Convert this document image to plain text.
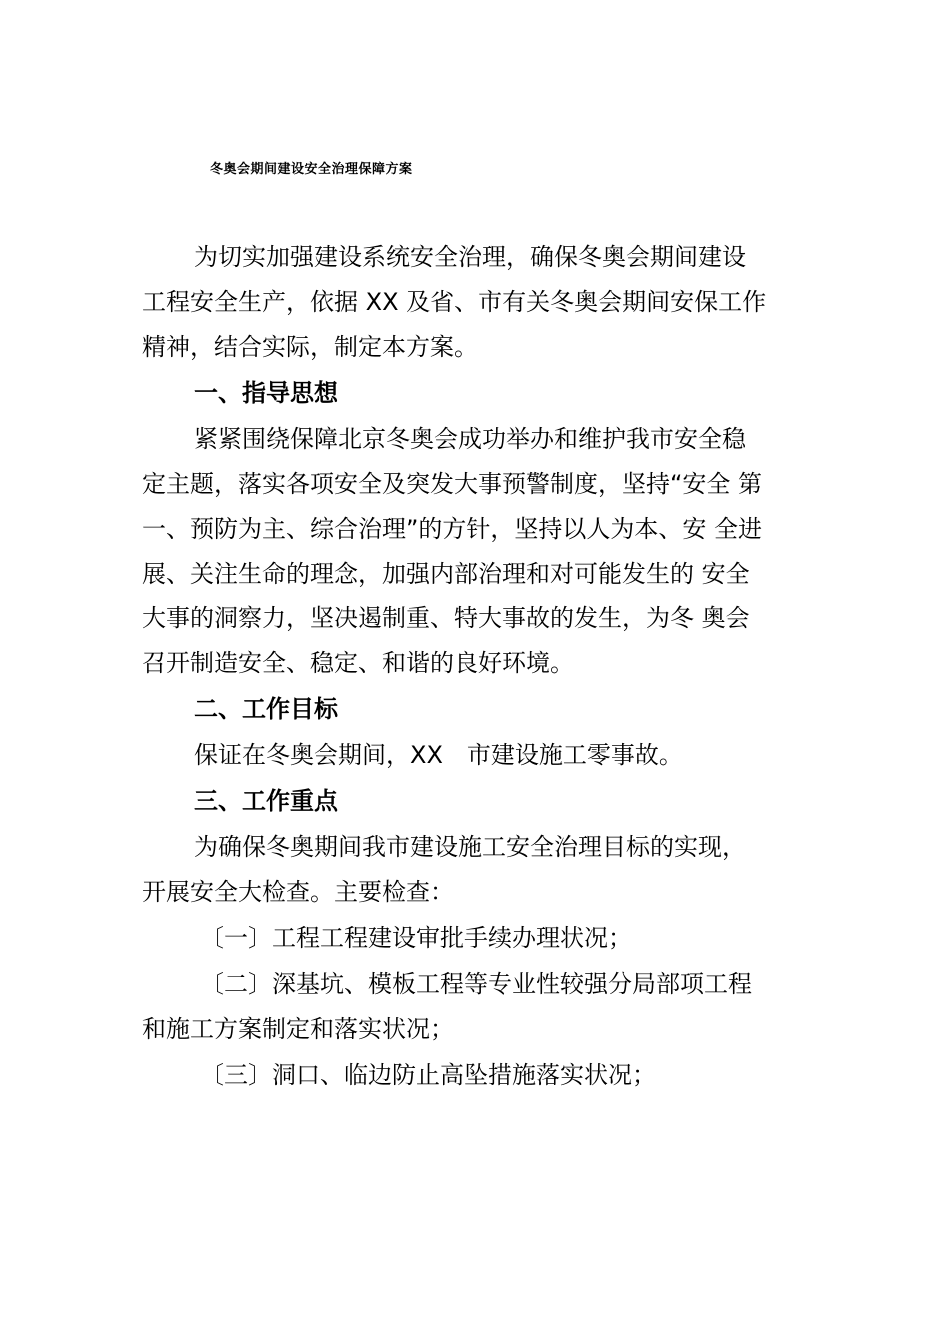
冬奥会期间建设安全治理保障方案
为切实加强建设系统安全治理，确保冬奥会期间建设
工程安全生产，依据 XX 及省、市有关冬奥会期间安保工作
精神，结合实际，制定本方案。
一、指导思想
紧紧围绕保障北京冬奥会成功举办和维护我市安全稳
定主题，落实各项安全及突发大事预警制度，坚持“安全 第
一、预防为主、综合治理”的方针，坚持以人为本、安 全进
展、关注生命的理念，加强内部治理和对可能发生的 安全
大事的洞察力，坚决遏制重、特大事故的发生，为冬 奥会
召开制造安全、稳定、和谐的良好环境。
二、工作目标
保证在冬奥会期间，XX　市建设施工零事故。
三、工作重点
为确保冬奥期间我市建设施工安全治理目标的实现，
开展安全大检查。主要检查：
〔一〕工程工程建设审批手续办理状况；
〔二〕深基坑、模板工程等专业性较强分局部项工程
和施工方案制定和落实状况；
〔三〕洞口、临边防止高坠措施落实状况；
